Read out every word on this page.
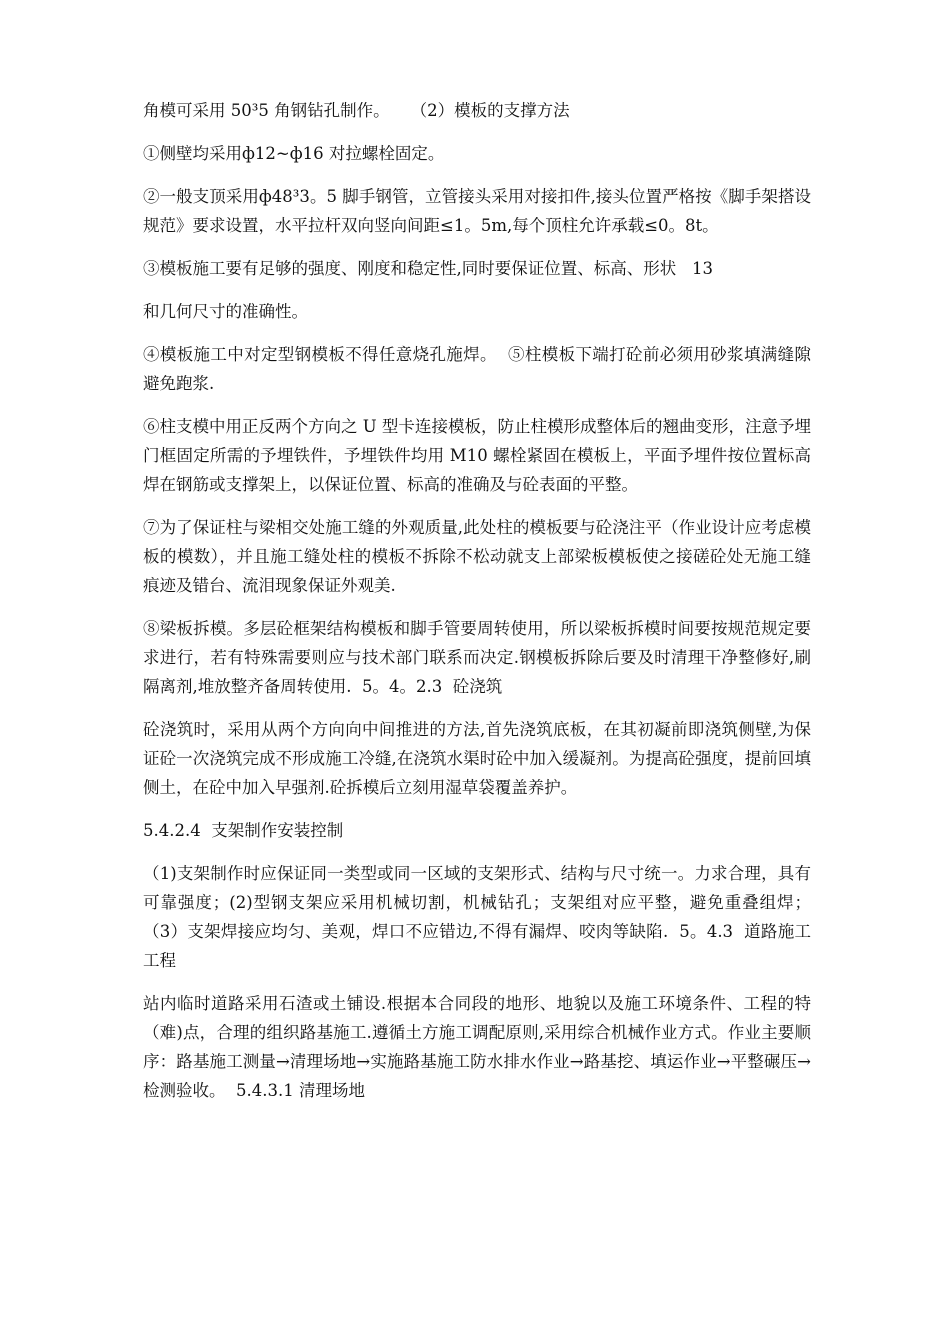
角模可采用 50³5 角钢钻孔制作。    （2）模板的支撑方法

①侧壁均采用ф12~ф16 对拉螺栓固定。

②一般支顶采用ф48³3。5 脚手钢管，立管接头采用对接扣件,接头位置严格按《脚手架搭设规范》要求设置，水平拉杆双向竖向间距≤1。5m,每个顶柱允许承载≤0。8t。

③模板施工要有足够的强度、刚度和稳定性,同时要保证位置、标高、形状   13

和几何尺寸的准确性。

④模板施工中对定型钢模板不得任意烧孔施焊。  ⑤柱模板下端打砼前必须用砂浆填满缝隙避免跑浆.

⑥柱支模中用正反两个方向之 U 型卡连接模板，防止柱模形成整体后的翘曲变形，注意予埋门框固定所需的予埋铁件，予埋铁件均用 M10 螺栓紧固在模板上，平面予埋件按位置标高焊在钢筋或支撑架上，以保证位置、标高的准确及与砼表面的平整。

⑦为了保证柱与梁相交处施工缝的外观质量,此处柱的模板要与砼浇注平（作业设计应考虑模板的模数），并且施工缝处柱的模板不拆除不松动就支上部梁板模板使之接磋砼处无施工缝痕迹及错台、流泪现象保证外观美.

⑧梁板拆模。多层砼框架结构模板和脚手管要周转使用，所以梁板拆模时间要按规范规定要求进行，若有特殊需要则应与技术部门联系而决定.钢模板拆除后要及时清理干净整修好,刷隔离剂,堆放整齐备周转使用.  5。4。2.3  砼浇筑

砼浇筑时，采用从两个方向向中间推进的方法,首先浇筑底板，在其初凝前即浇筑侧壁,为保证砼一次浇筑完成不形成施工冷缝,在浇筑水渠时砼中加入缓凝剂。为提高砼强度，提前回填侧土，在砼中加入早强剂.砼拆模后立刻用湿草袋覆盖养护。

5.4.2.4  支架制作安装控制

（1)支架制作时应保证同一类型或同一区域的支架形式、结构与尺寸统一。力求合理，具有可靠强度；(2)型钢支架应采用机械切割，机械钻孔；支架组对应平整，避免重叠组焊；  （3）支架焊接应均匀、美观，焊口不应错边,不得有漏焊、咬肉等缺陷.  5。4.3  道路施工工程

站内临时道路采用石渣或土铺设.根据本合同段的地形、地貌以及施工环境条件、工程的特（难)点，合理的组织路基施工.遵循土方施工调配原则,采用综合机械作业方式。作业主要顺序：路基施工测量→清理场地→实施路基施工防水排水作业→路基挖、填运作业→平整碾压→检测验收。  5.4.3.1 清理场地
